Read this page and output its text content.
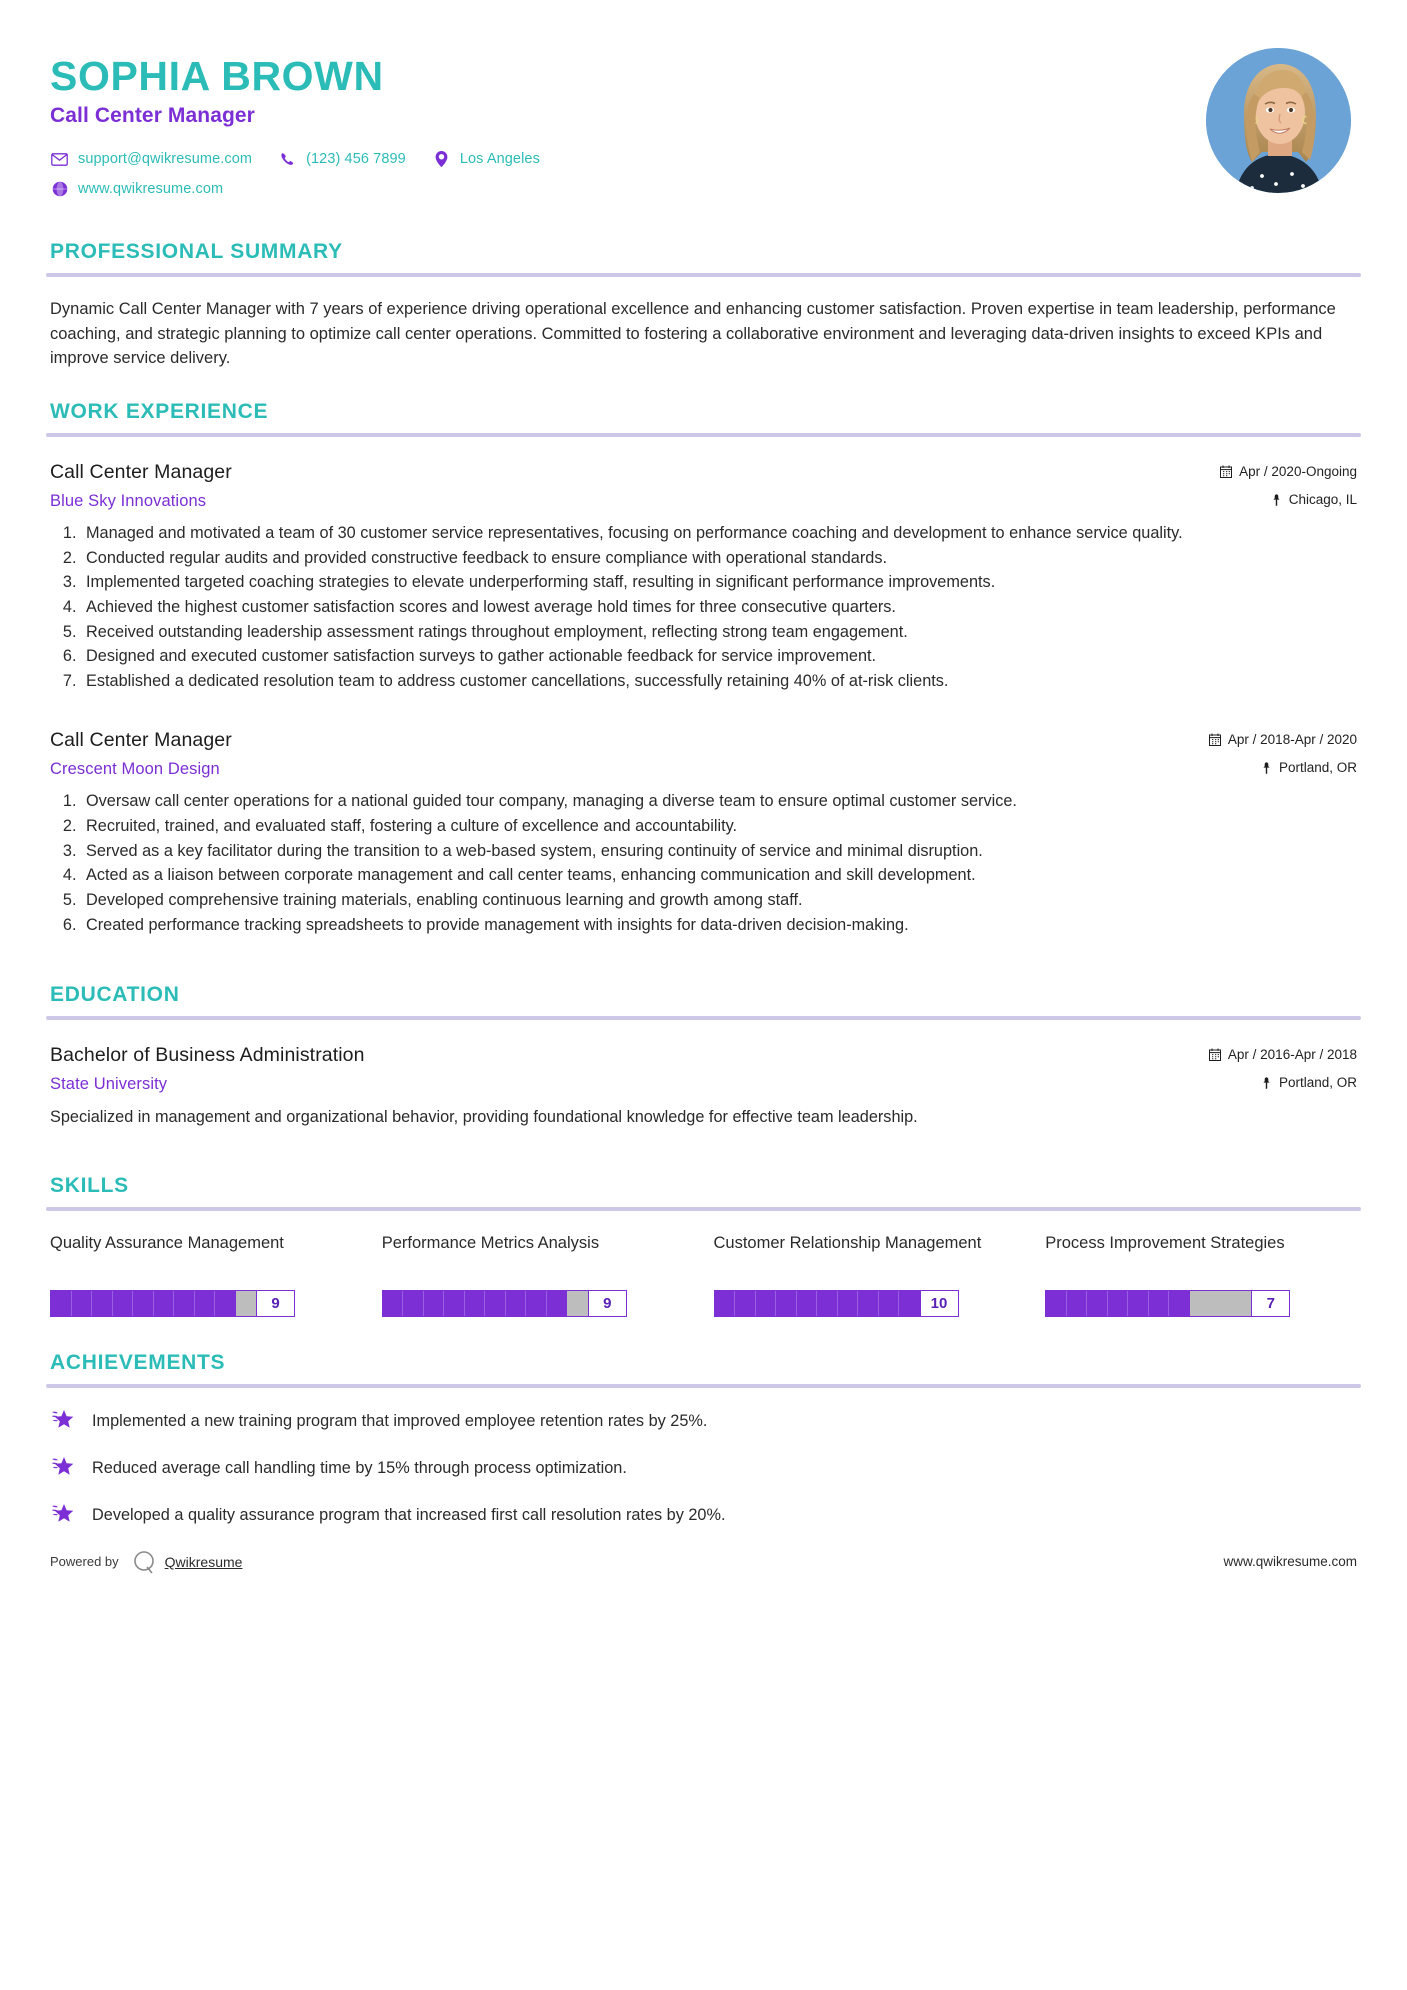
SOPHIA BROWN
Call Center Manager
support@qwikresume.com	(123) 456 7899	Los Angeles
www.qwikresume.com
PROFESSIONAL SUMMARY

Dynamic Call Center Manager with 7 years of experience driving operational excellence and enhancing customer satisfaction. Proven expertise in team leadership, performance coaching, and strategic planning to optimize call center operations. Committed to fostering a collaborative environment and leveraging data-driven insights to exceed KPIs and improve service delivery.

WORK EXPERIENCE
Call Center Manager	Apr / 2020-Ongoing
Blue Sky Innovations	Chicago, IL
1. Managed and motivated a team of 30 customer service representatives, focusing on performance coaching and development to enhance service quality.
2. Conducted regular audits and provided constructive feedback to ensure compliance with operational standards.
3. Implemented targeted coaching strategies to elevate underperforming staff, resulting in significant performance improvements.
4. Achieved the highest customer satisfaction scores and lowest average hold times for three consecutive quarters.
5. Received outstanding leadership assessment ratings throughout employment, reflecting strong team engagement.
6. Designed and executed customer satisfaction surveys to gather actionable feedback for service improvement.
7. Established a dedicated resolution team to address customer cancellations, successfully retaining 40% of at-risk clients.
Call Center Manager	Apr / 2018-Apr / 2020
Crescent Moon Design	Portland, OR
1. Oversaw call center operations for a national guided tour company, managing a diverse team to ensure optimal customer service.
2. Recruited, trained, and evaluated staff, fostering a culture of excellence and accountability.
3. Served as a key facilitator during the transition to a web-based system, ensuring continuity of service and minimal disruption.
4. Acted as a liaison between corporate management and call center teams, enhancing communication and skill development.
5. Developed comprehensive training materials, enabling continuous learning and growth among staff.
6. Created performance tracking spreadsheets to provide management with insights for data-driven decision-making.
EDUCATION
Bachelor of Business Administration	Apr / 2016-Apr / 2018
State University	Portland, OR
Specialized in management and organizational behavior, providing foundational knowledge for effective team leadership.
SKILLS
Quality Assurance Management
9
Performance Metrics Analysis
9
Customer Relationship Management
10
Process Improvement Strategies
7
ACHIEVEMENTS
Implemented a new training program that improved employee retention rates by 25%.
Reduced average call handling time by 15% through process optimization.
Developed a quality assurance program that increased first call resolution rates by 20%.
Powered by	Qwikresume	www.qwikresume.com
